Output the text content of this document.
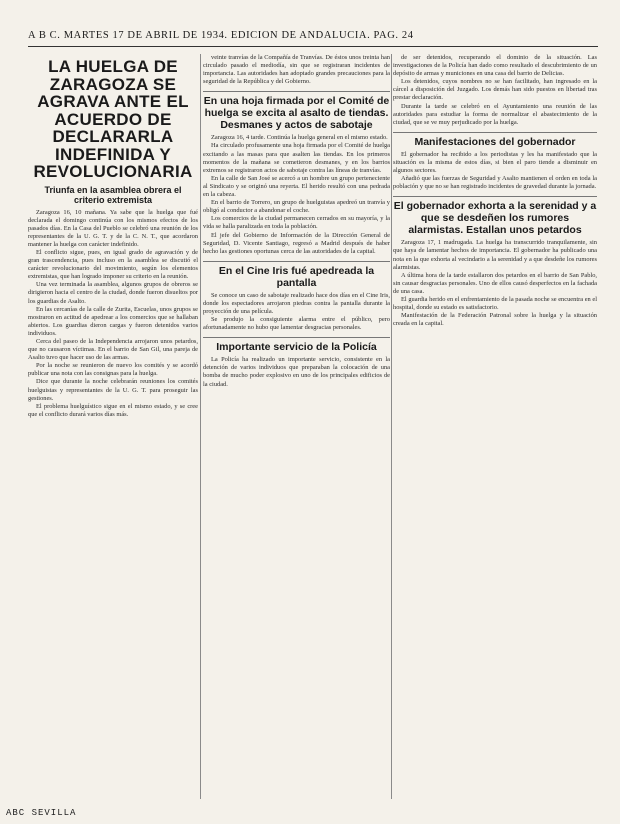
A B C. MARTES 17 DE ABRIL DE 1934. EDICION DE ANDALUCIA. PAG. 24
LA HUELGA DE ZARAGOZA SE AGRAVA ANTE EL ACUERDO DE DECLARARLA INDEFINIDA Y REVOLUCIONARIA
Triunfa en la asamblea obrera el criterio extremista

Zaragoza 16, 10 mañana. Ya sabe que la huelga que fué declarada el domingo continúa con los mismos efectos de los pasados días. En la Casa del Pueblo se celebró una reunión de los representantes de la U. G. T. y de la C. N. T., que acordaron mantener la huelga con carácter indefinido.

El conflicto sigue, pues, en igual grado de agravación y de gran trascendencia, pues incluso en la asamblea se discutió el carácter revolucionario del movimiento, según los elementos extremistas, que han logrado imponer su criterio en la reunión.

Una vez terminada la asamblea, algunos grupos de obreros se dirigieron hacia el centro de la ciudad, donde fueron disueltos por los guardias de Asalto.

En las cercanías de la calle de Zurita, Escuelas, unos grupos se mostraron en actitud de apedrear a los comercios que se hallaban abiertos. Los guardias dieron cargas y fueron detenidos varios individuos.

Cerca del paseo de la Independencia arrojaron unos petardos, que no causaron víctimas. En el barrio de San Gil, una pareja de Asalto tuvo que hacer uso de las armas.

Por la noche se reunieron de nuevo los comités y se acordó publicar una nota con las consignas para la huelga.

Dice que durante la noche celebrarán reuniones los comités huelguistas y representantes de la U. G. T. para proseguir las gestiones.

El problema huelguístico sigue en el mismo estado, y se cree que el conflicto durará varios días más.

veinte tranvías de la Compañía de Tranvías. De éstos unos treinta han circulado pasado el mediodía, sin que se registraran incidentes de importancia. Las autoridades han adoptado grandes precauciones para la seguridad de la República y del Gobierno.

En una hoja firmada por el Comité de huelga se excita al asalto de tiendas. Desmanes y actos de sabotaje

Zaragoza 16, 4 tarde. Continúa la huelga general en el mismo estado.

Ha circulado profusamente una hoja firmada por el Comité de huelga excitando a las masas para que asalten las tiendas. En los primeros momentos de la mañana se cometieron desmanes, y en los barrios extremos se registraron actos de sabotaje contra las líneas de tranvías.

En la calle de San José se acercó a un hombre un grupo perteneciente al Sindicato y se originó una reyerta. El herido resultó con una pedrada en la cabeza.

En el barrio de Torrero, un grupo de huelguistas apedreó un tranvía y obligó al conductor a abandonar el coche.

Los comercios de la ciudad permanecen cerrados en su mayoría, y la vida se halla paralizada en toda la población.

El jefe del Gobierno de Información de la Dirección General de Seguridad, D. Vicente Santiago, regresó a Madrid después de haber hecho las gestiones oportunas cerca de las autoridades de la capital.

En el Cine Iris fué apedreada la pantalla

Se conoce un caso de sabotaje realizado hace dos días en el Cine Iris, donde los espectadores arrojaron piedras contra la pantalla durante la proyección de una película.

Se produjo la consiguiente alarma entre el público, pero afortunadamente no hubo que lamentar desgracias personales.

Importante servicio de la Policía

La Policía ha realizado un importante servicio, consistente en la detención de varios individuos que preparaban la colocación de una bomba de mucho poder explosivo en uno de los principales edificios de la ciudad.

de ser detenidos, recuperando el dominio de la situación. Las investigaciones de la Policía han dado como resultado el descubrimiento de un depósito de armas y municiones en una casa del barrio de Delicias.

Los detenidos, cuyos nombres no se han facilitado, han ingresado en la cárcel a disposición del Juzgado. Los demás han sido puestos en libertad tras prestar declaración.

Durante la tarde se celebró en el Ayuntamiento una reunión de las autoridades para estudiar la forma de normalizar el abastecimiento de la ciudad, que se ve muy perjudicado por la huelga.

Manifestaciones del gobernador

El gobernador ha recibido a los periodistas y les ha manifestado que la situación es la misma de estos días, si bien el paro tiende a disminuir en algunos sectores.

Añadió que las fuerzas de Seguridad y Asalto mantienen el orden en toda la población y que no se han registrado incidentes de gravedad durante la jornada.

El gobernador exhorta a la serenidad y a que se desdeñen los rumores alarmistas. Estallan unos petardos

Zaragoza 17, 1 madrugada. La huelga ha transcurrido tranquilamente, sin que haya de lamentar hechos de importancia. El gobernador ha publicado una nota en la que exhorta al vecindario a la serenidad y a que desdeñe los rumores alarmistas.

A última hora de la tarde estallaron dos petardos en el barrio de San Pablo, sin causar desgracias personales. Uno de ellos causó desperfectos en la fachada de una casa.

El guardia herido en el enfrentamiento de la pasada noche se encuentra en el hospital, donde su estado es satisfactorio.

Manifestación de la Federación Patronal sobre la huelga y la situación creada en la capital.

ABC SEVILLA
